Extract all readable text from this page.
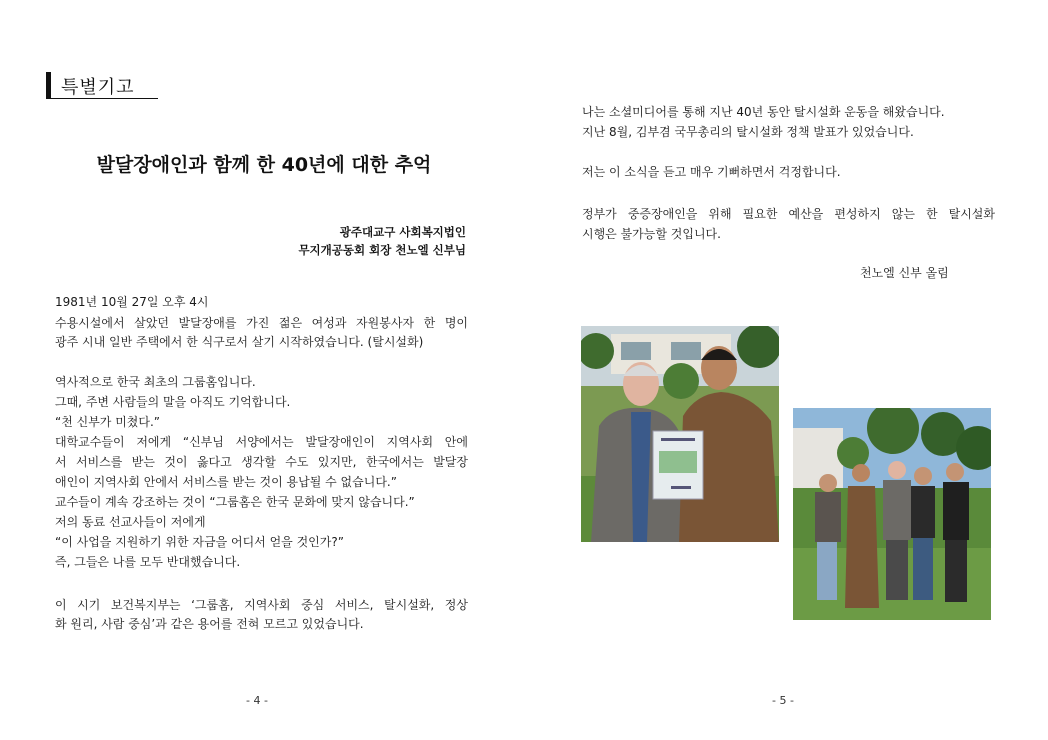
특별기고
발달장애인과 함께 한 40년에 대한 추억
광주대교구 사회복지법인
무지개공동회 회장 천노엘 신부님
1981년 10월 27일 오후 4시
수용시설에서 살았던 발달장애를 가진 젊은 여성과 자원봉사자 한 명이
광주 시내 일반 주택에서 한 식구로서 살기 시작하였습니다. (탈시설화)
역사적으로 한국 최초의 그룹홈입니다.
그때, 주변 사람들의 말을 아직도 기억합니다.
“천 신부가 미쳤다.”
대학교수들이 저에게 “신부님 서양에서는 발달장애인이 지역사회 안에
서 서비스를 받는 것이 옳다고 생각할 수도 있지만, 한국에서는 발달장
애인이 지역사회 안에서 서비스를 받는 것이 용납될 수 없습니다.”
교수들이 계속 강조하는 것이 “그룹홈은 한국 문화에 맞지 않습니다.”
저의 동료 선교사들이 저에게
“이 사업을 지원하기 위한 자금을 어디서 얻을 것인가?”
즉, 그들은 나를 모두 반대했습니다.
이 시기 보건복지부는 ‘그룹홈, 지역사회 중심 서비스, 탈시설화, 정상
화 원리, 사람 중심’과 같은 용어를 전혀 모르고 있었습니다.
나는 소셜미디어를 통해 지난 40년 동안 탈시설화 운동을 해왔습니다.
지난 8월, 김부겸 국무총리의 탈시설화 정책 발표가 있었습니다.
저는 이 소식을 듣고 매우 기뻐하면서 걱정합니다.
정부가 중증장애인을 위해 필요한 예산을 편성하지 않는 한 탈시설화
시행은 불가능할 것입니다.
천노엘 신부 올림
- 4 -	- 5 -
